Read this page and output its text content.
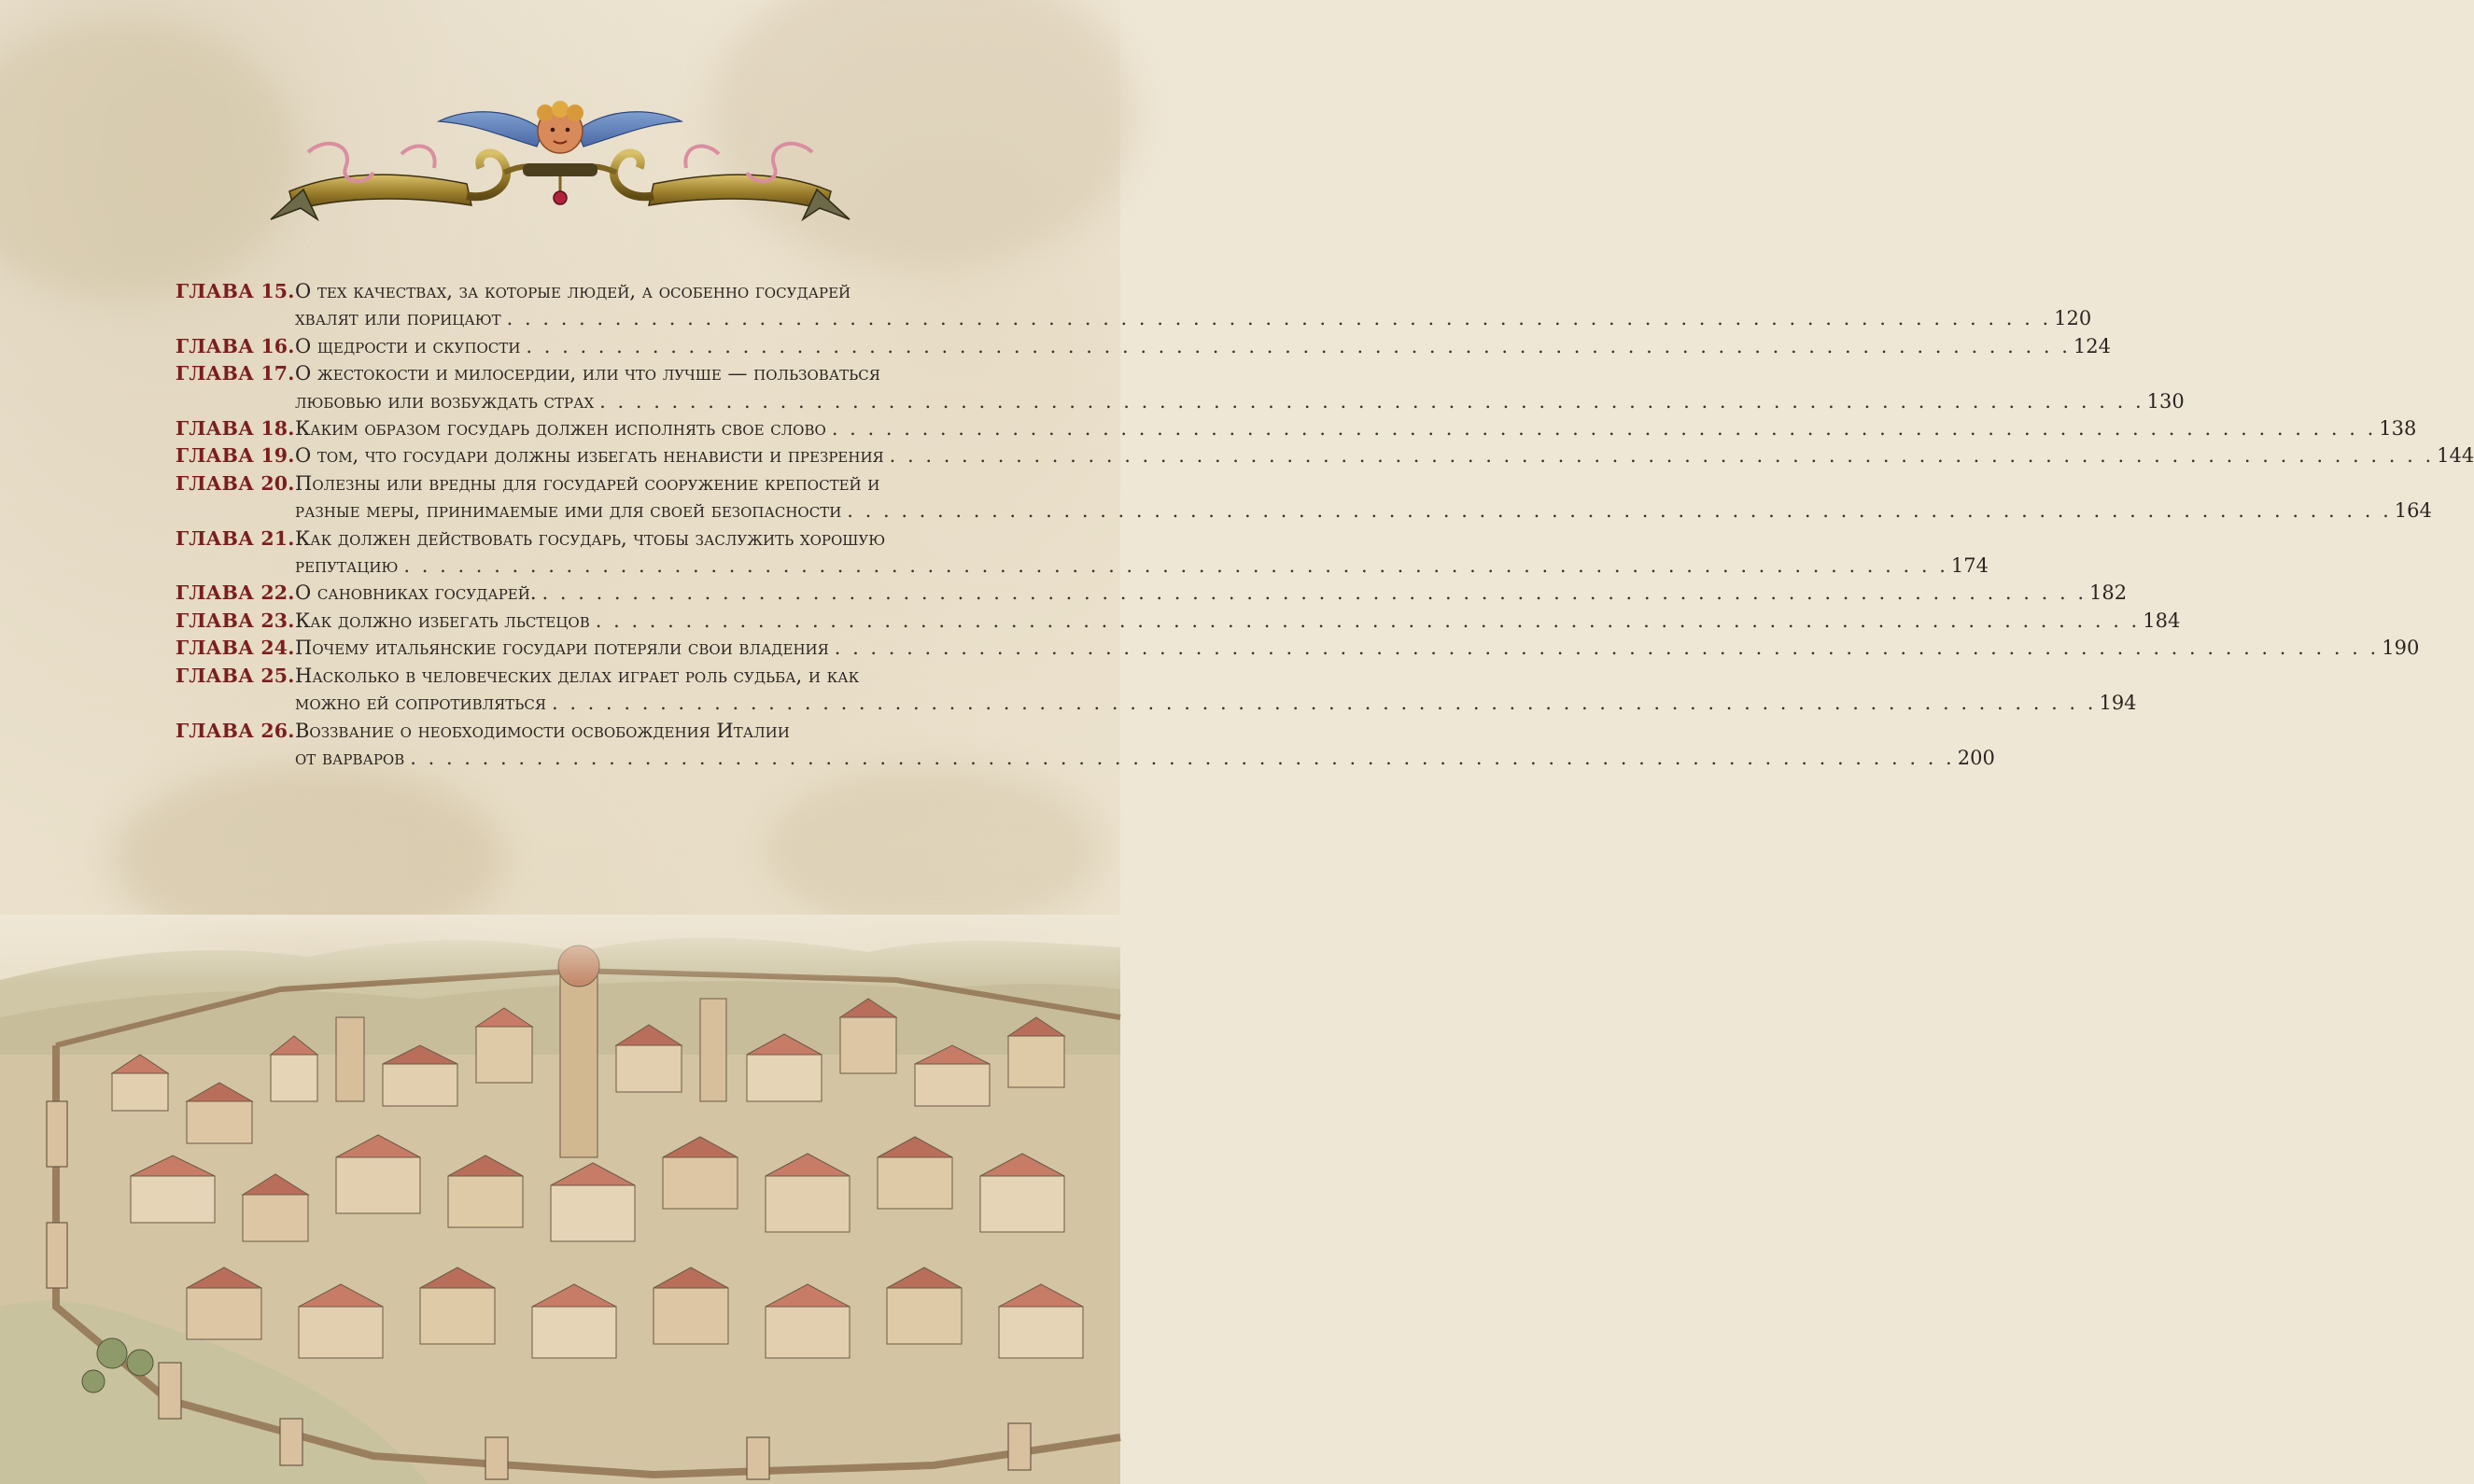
ГЛАВА 15. О тех качествах, за которые людей, а особенно государей
хвалят или порицают . . .	120
ГЛАВА 16. О щедрости и скупости . . .	124
ГЛАВА 17. О жестокости и милосердии, или что лучше — пользоваться
любовью или возбуждать страх . . .	130
ГЛАВА 18. Каким образом государь должен исполнять свое слово . . .	138
ГЛАВА 19. О том, что государи должны избегать ненависти и презрения . . .	144
ГЛАВА 20. Полезны или вредны для государей сооружение крепостей и
разные меры, принимаемые ими для своей безопасности . . .	164
ГЛАВА 21. Как должен действовать государь, чтобы заслужить хорошую
репутацию . . .	174
ГЛАВА 22. О сановниках государей. . . .	182
ГЛАВА 23. Как должно избегать льстецов . . .	184
ГЛАВА 24. Почему итальянские государи потеряли свои владения . . .	190
ГЛАВА 25. Насколько в человеческих делах играет роль судьба, и как
можно ей сопротивляться . . .	194
ГЛАВА 26. Воззвание о необходимости освобождения Италии
от варваров . . .	200
